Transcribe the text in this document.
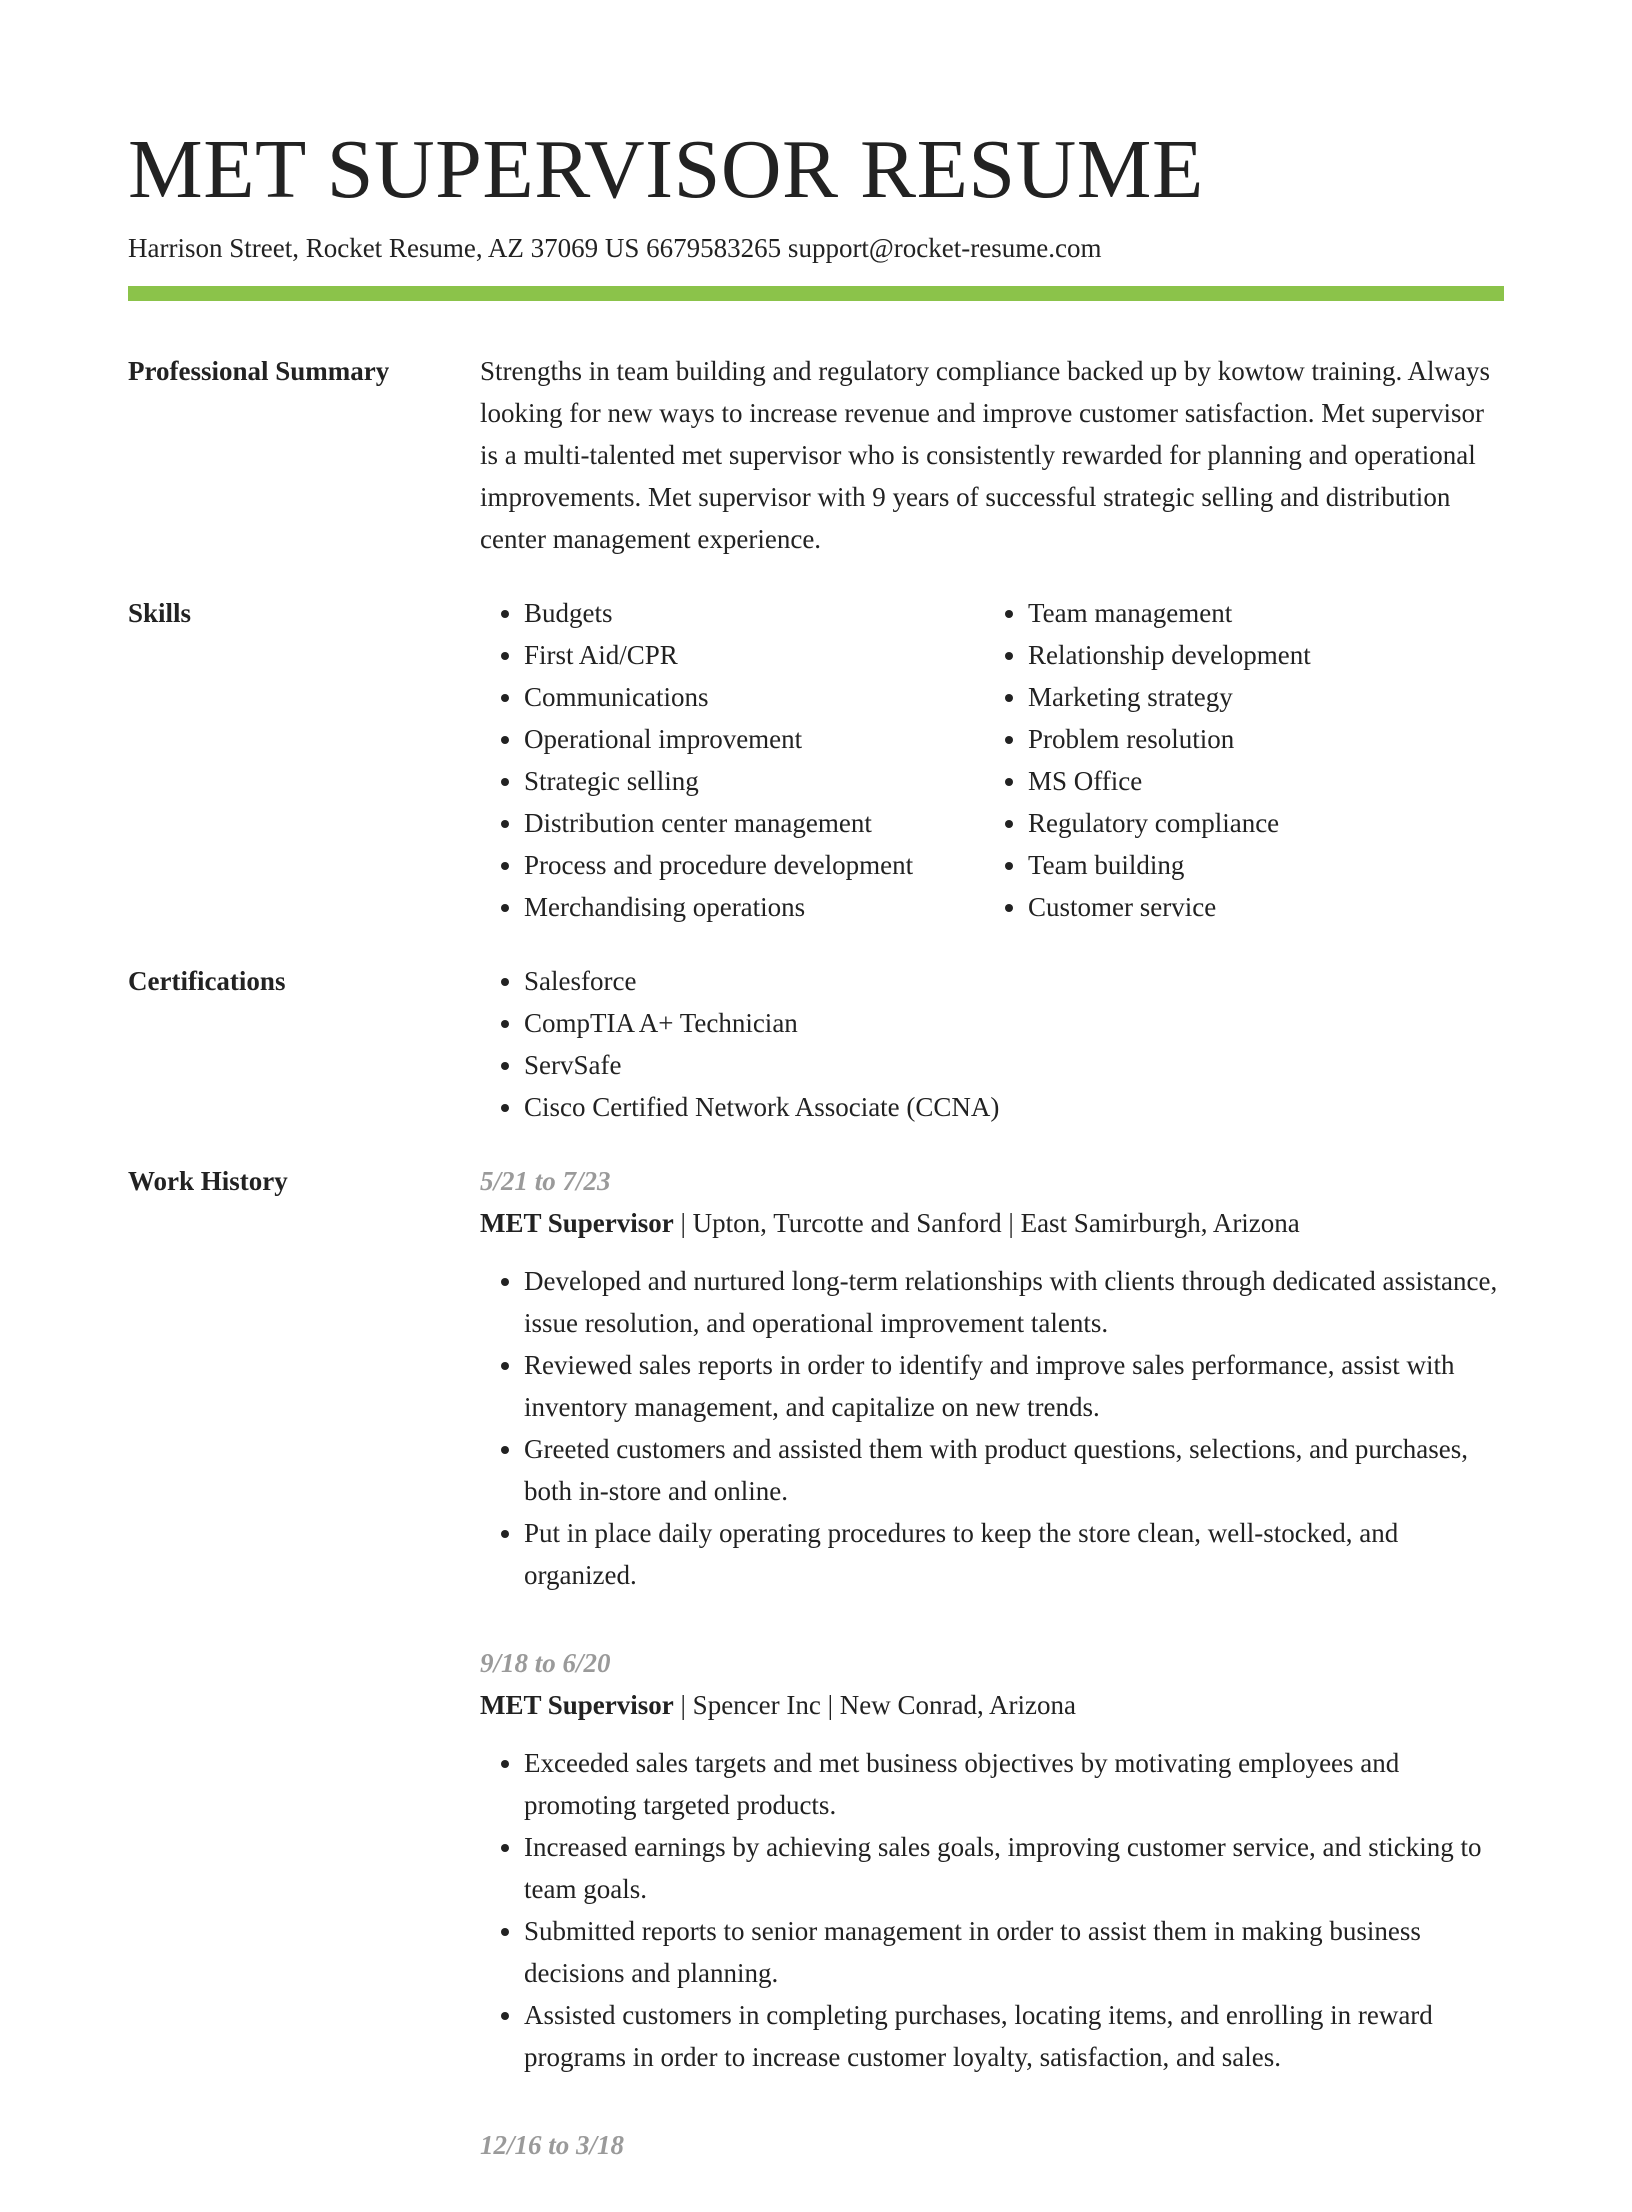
MET SUPERVISOR RESUME
Harrison Street, Rocket Resume, AZ 37069 US 6679583265 support@rocket-resume.com
Professional Summary	Strengths in team building and regulatory compliance backed up by kowtow training. Always looking for new ways to increase revenue and improve customer satisfaction. Met supervisor is a multi-talented met supervisor who is consistently rewarded for planning and operational improvements. Met supervisor with 9 years of successful strategic selling and distribution center management experience.

Skills	• Budgets
• First Aid/CPR
• Communications
• Operational improvement
• Strategic selling
• Distribution center management
• Process and procedure development
• Merchandising operations
• Team management
• Relationship development
• Marketing strategy
• Problem resolution
• MS Office
• Regulatory compliance
• Team building
• Customer service
Certifications	• Salesforce
• CompTIA A+ Technician
• ServSafe
• Cisco Certified Network Associate (CCNA)
Work History	5/21 to 7/23
MET Supervisor | Upton, Turcotte and Sanford | East Samirburgh, Arizona
• Developed and nurtured long-term relationships with clients through dedicated assistance, issue resolution, and operational improvement talents.
• Reviewed sales reports in order to identify and improve sales performance, assist with inventory management, and capitalize on new trends.
• Greeted customers and assisted them with product questions, selections, and purchases, both in-store and online.
• Put in place daily operating procedures to keep the store clean, well-stocked, and organized.
9/18 to 6/20
MET Supervisor | Spencer Inc | New Conrad, Arizona
• Exceeded sales targets and met business objectives by motivating employees and promoting targeted products.
• Increased earnings by achieving sales goals, improving customer service, and sticking to team goals.
• Submitted reports to senior management in order to assist them in making business decisions and planning.
• Assisted customers in completing purchases, locating items, and enrolling in reward programs in order to increase customer loyalty, satisfaction, and sales.
12/16 to 3/18
